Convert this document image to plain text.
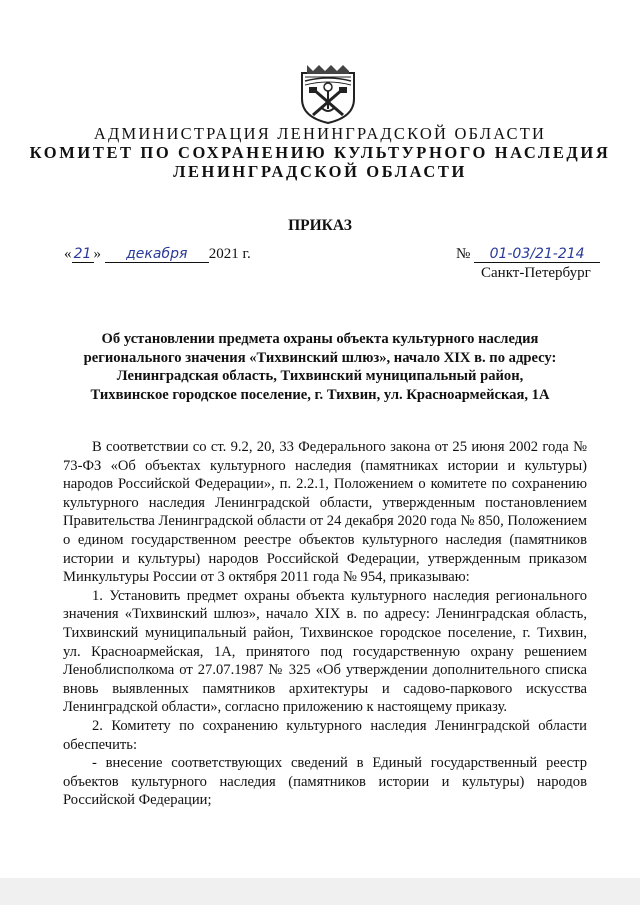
АДМИНИСТРАЦИЯ ЛЕНИНГРАДСКОЙ ОБЛАСТИ
КОМИТЕТ ПО СОХРАНЕНИЮ КУЛЬТУРНОГО НАСЛЕДИЯ
ЛЕНИНГРАДСКОЙ ОБЛАСТИ
ПРИКАЗ
« 21 » декабря 2021 г.	№ 01-03/21-214
Санкт-Петербург
Об установлении предмета охраны объекта культурного наследия регионального значения «Тихвинский шлюз», начало XIX в. по адресу: Ленинградская область, Тихвинский муниципальный район, Тихвинское городское поселение, г. Тихвин, ул. Красноармейская, 1А

В соответствии со ст. 9.2, 20, 33 Федерального закона от 25 июня 2002 года № 73-ФЗ «Об объектах культурного наследия (памятниках истории и культуры) народов Российской Федерации», п. 2.2.1, Положением о комитете по сохранению культурного наследия Ленинградской области, утвержденным постановлением Правительства Ленинградской области от 24 декабря 2020 года № 850, Положением о едином государственном реестре объектов культурного наследия (памятников истории и культуры) народов Российской Федерации, утвержденным приказом Минкультуры России от 3 октября 2011 года № 954, приказываю:

1. Установить предмет охраны объекта культурного наследия регионального значения «Тихвинский шлюз», начало XIX в. по адресу: Ленинградская область, Тихвинский муниципальный район, Тихвинское городское поселение, г. Тихвин, ул. Красноармейская, 1А, принятого под государственную охрану решением Леноблисполкома от 27.07.1987 № 325 «Об утверждении дополнительного списка вновь выявленных памятников архитектуры и садово-паркового искусства Ленинградской области», согласно приложению к настоящему приказу.

2. Комитету по сохранению культурного наследия Ленинградской области обеспечить:

- внесение соответствующих сведений в Единый государственный реестр объектов культурного наследия (памятников истории и культуры) народов Российской Федерации;
